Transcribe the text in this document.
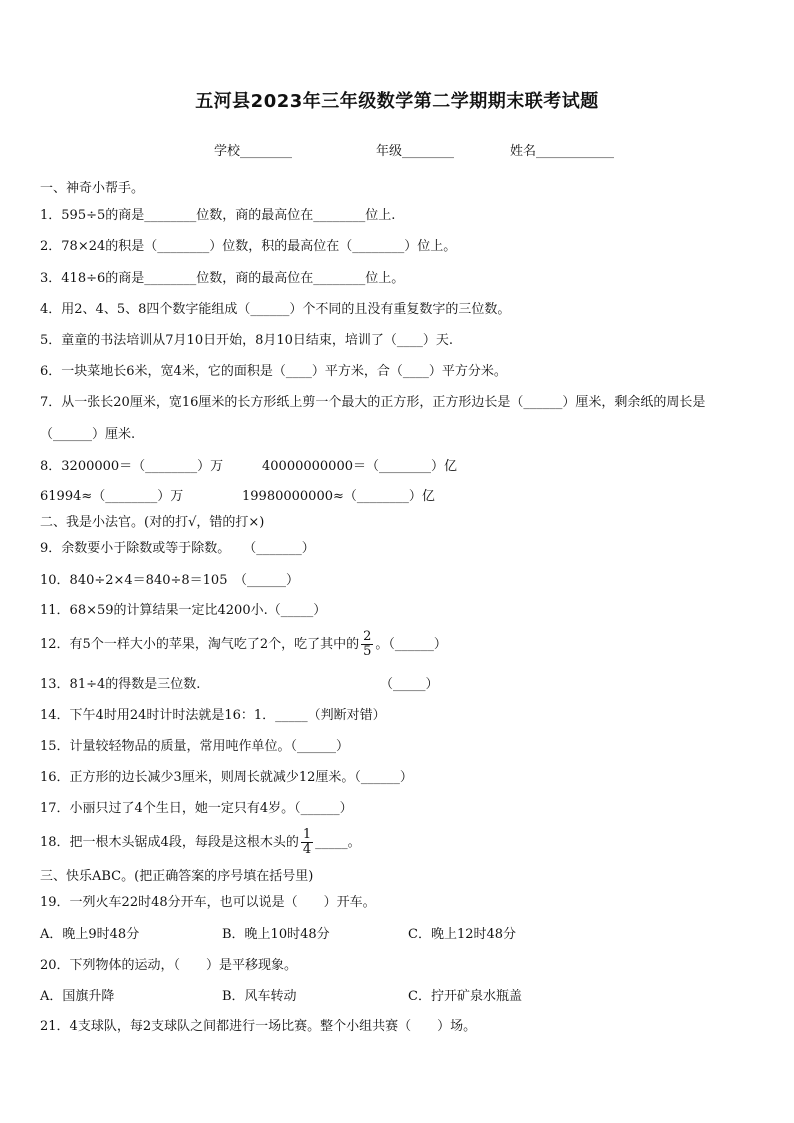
五河县2023年三年级数学第二学期期末联考试题
学校________	年级________	姓名____________
一、神奇小帮手。
1．595÷5的商是________位数，商的最高位在________位上.
2．78×24的积是（________）位数，积的最高位在（________）位上。
3．418÷6的商是________位数，商的最高位在________位上。
4．用2、4、5、8四个数字能组成（______）个不同的且没有重复数字的三位数。
5．童童的书法培训从7月10日开始，8月10日结束，培训了（____）天.
6．一块菜地长6米，宽4米，它的面积是（____）平方米，合（____）平方分米。
7．从一张长20厘米，宽16厘米的长方形纸上剪一个最大的正方形，正方形边长是（______）厘米，剩余纸的周长是
（______）厘米.
8．3200000＝（________）万	40000000000＝（________）亿
61994≈（________）万	19980000000≈（________）亿
二、我是小法官。(对的打√，错的打×)
9．余数要小于除数或等于除数。　　（_______）
10．840÷2×4＝840÷8＝105　（______）
11．68×59的计算结果一定比4200小.（_____）
12．有5个一样大小的苹果，淘气吃了2个，吃了其中的 $\frac{2}{5}$ 。（______）
13．81÷4的得数是三位数.	（_____）
14．下午4时用24时计时法就是16：1．_____（判断对错）
15．计量较轻物品的质量，常用吨作单位。（______）
16．正方形的边长减少3厘米，则周长就减少12厘米。（______）
17．小丽只过了4个生日，她一定只有4岁。（______）
18．把一根木头锯成4段，每段是这根木头的 $\frac{1}{4}$ _____。
三、快乐ABC。(把正确答案的序号填在括号里)
19．一列火车22时48分开车，也可以说是（　　）开车。
A．晚上9时48分	B．晚上10时48分	C．晚上12时48分
20．下列物体的运动，（　　）是平移现象。
A．国旗升降	B．风车转动	C．拧开矿泉水瓶盖
21．4支球队，每2支球队之间都进行一场比赛。整个小组共赛（　　）场。
